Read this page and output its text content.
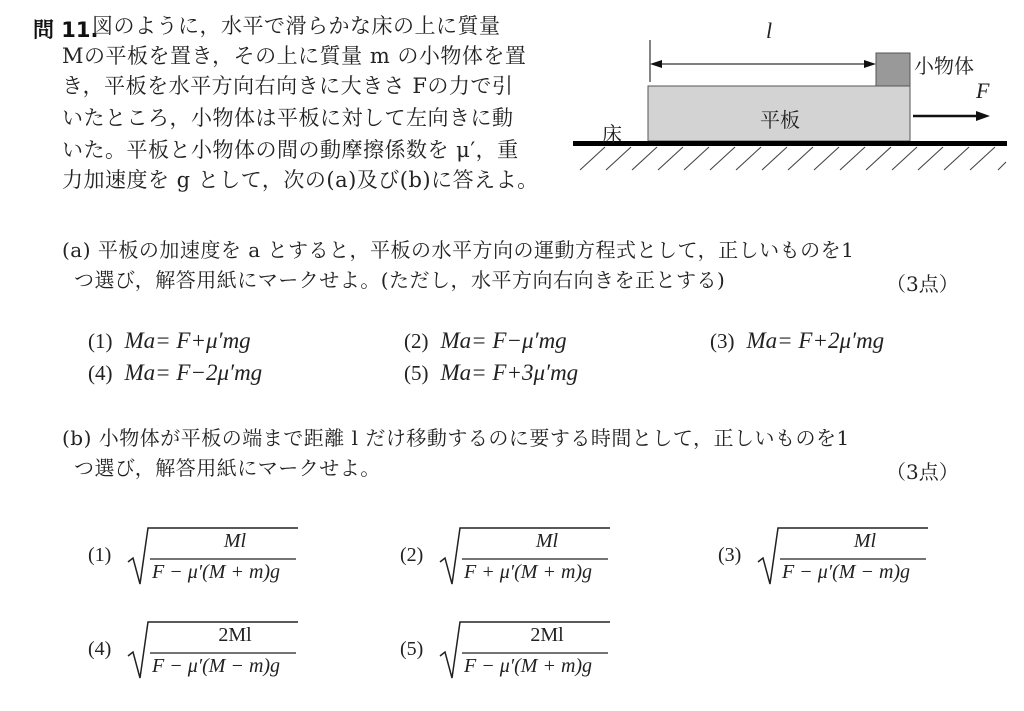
問 11.
図のように，水平で滑らかな床の上に質量
Mの平板を置き，その上に質量 m の小物体を置
き，平板を水平方向右向きに大きさ Fの力で引
いたところ，小物体は平板に対して左向きに動
いた。平板と小物体の間の動摩擦係数を μ′，重
力加速度を g として，次の(a)及び(b)に答えよ。
l
小物体
平板
床
F
(a) 平板の加速度を a とすると，平板の水平方向の運動方程式として，正しいものを1
つ選び，解答用紙にマークせよ。(ただし，水平方向右向きを正とする)	（3点）
(1) Ma= F+μ′mg	(2) Ma= F−μ′mg	(3) Ma= F+2μ′mg
(4) Ma= F−2μ′mg	(5) Ma= F+3μ′mg
(b) 小物体が平板の端まで距離 l だけ移動するのに要する時間として，正しいものを1
つ選び，解答用紙にマークせよ。	（3点）
(1)
Ml
F − μ′(M + m)g
(2)
Ml
F + μ′(M + m)g
(3)
Ml
F − μ′(M − m)g
(4)
2Ml
F − μ′(M − m)g
(5)
2Ml
F − μ′(M + m)g
